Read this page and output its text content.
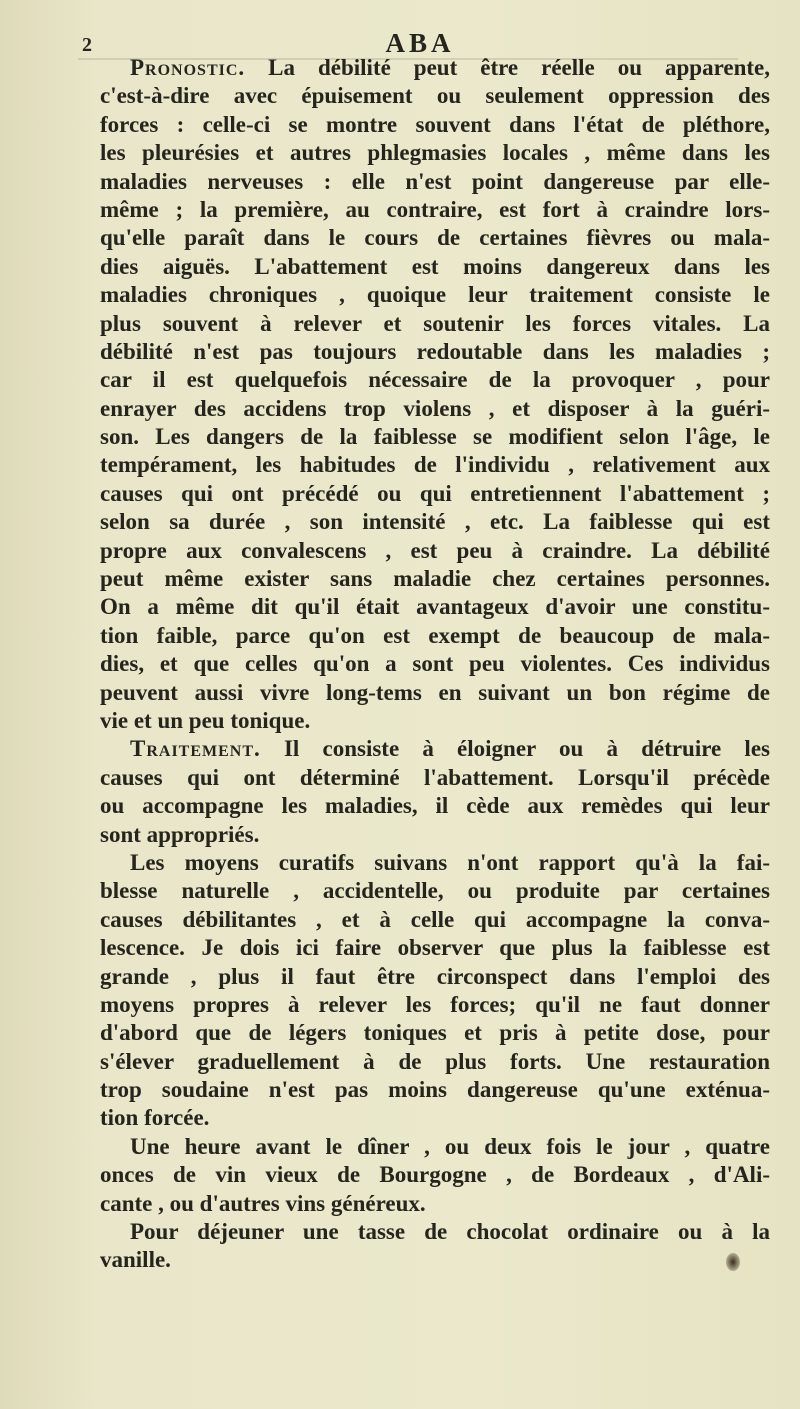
2	ABA
Pronostic. La débilité peut être réelle ou apparente,
c'est-à-dire avec épuisement ou seulement oppression des
forces : celle-ci se montre souvent dans l'état de pléthore,
les pleurésies et autres phlegmasies locales , même dans les
maladies nerveuses : elle n'est point dangereuse par elle-
même ; la première, au contraire, est fort à craindre lors-
qu'elle paraît dans le cours de certaines fièvres ou mala-
dies aiguës. L'abattement est moins dangereux dans les
maladies chroniques , quoique leur traitement consiste le
plus souvent à relever et soutenir les forces vitales. La
débilité n'est pas toujours redoutable dans les maladies ;
car il est quelquefois nécessaire de la provoquer , pour
enrayer des accidens trop violens , et disposer à la guéri-
son. Les dangers de la faiblesse se modifient selon l'âge, le
tempérament, les habitudes de l'individu , relativement aux
causes qui ont précédé ou qui entretiennent l'abattement ;
selon sa durée , son intensité , etc. La faiblesse qui est
propre aux convalescens , est peu à craindre. La débilité
peut même exister sans maladie chez certaines personnes.
On a même dit qu'il était avantageux d'avoir une constitu-
tion faible, parce qu'on est exempt de beaucoup de mala-
dies, et que celles qu'on a sont peu violentes. Ces individus
peuvent aussi vivre long-tems en suivant un bon régime de
vie et un peu tonique.
Traitement. Il consiste à éloigner ou à détruire les
causes qui ont déterminé l'abattement. Lorsqu'il précède
ou accompagne les maladies, il cède aux remèdes qui leur
sont appropriés.
Les moyens curatifs suivans n'ont rapport qu'à la fai-
blesse naturelle , accidentelle, ou produite par certaines
causes débilitantes , et à celle qui accompagne la conva-
lescence. Je dois ici faire observer que plus la faiblesse est
grande , plus il faut être circonspect dans l'emploi des
moyens propres à relever les forces; qu'il ne faut donner
d'abord que de légers toniques et pris à petite dose, pour
s'élever graduellement à de plus forts. Une restauration
trop soudaine n'est pas moins dangereuse qu'une exténua-
tion forcée.
Une heure avant le dîner , ou deux fois le jour , quatre
onces de vin vieux de Bourgogne , de Bordeaux , d'Ali-
cante , ou d'autres vins généreux.
Pour déjeuner une tasse de chocolat ordinaire ou à la
vanille.
